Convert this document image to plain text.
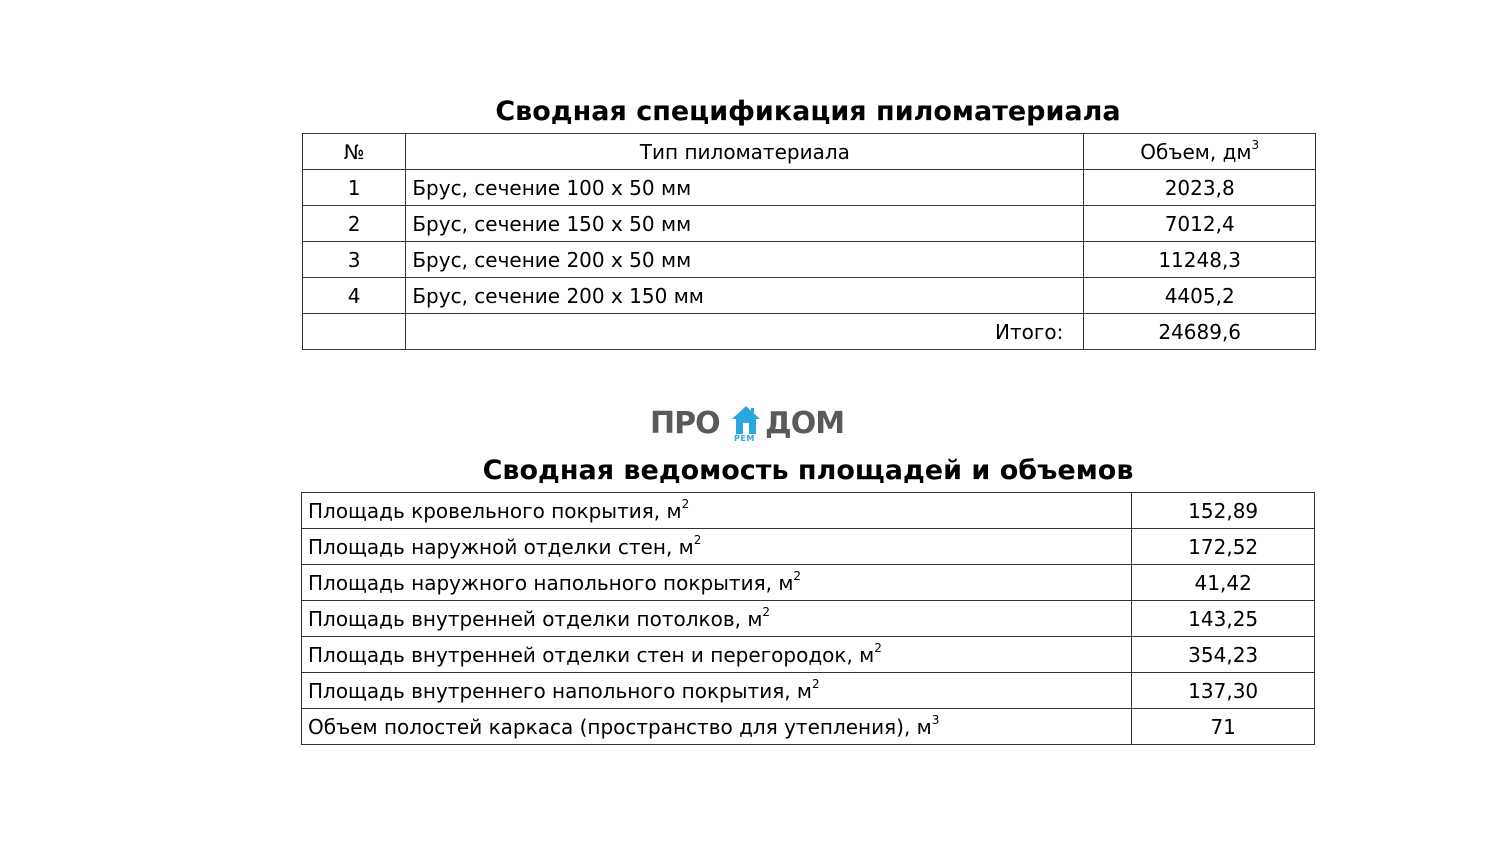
Сводная спецификация пиломатериала
№	Тип пиломатериала	Объем, $дм^3$
1	Брус, сечение 100 х 50 мм	2023,8
2	Брус, сечение 150 х 50 мм	7012,4
3	Брус, сечение 200 х 50 мм	11248,3
4	Брус, сечение 200 х 150 мм	4405,2
	Итого:	24689,6
ПРО РЕМ ДОМ
Сводная ведомость площадей и объемов
Площадь кровельного покрытия, $м^2$	152,89
Площадь наружной отделки стен, $м^2$	172,52
Площадь наружного напольного покрытия, $м^2$	41,42
Площадь внутренней отделки потолков, $м^2$	143,25
Площадь внутренней отделки стен и перегородок, $м^2$	354,23
Площадь внутреннего напольного покрытия, $м^2$	137,30
Объем полостей каркаса (пространство для утепления), $м^3$	71
